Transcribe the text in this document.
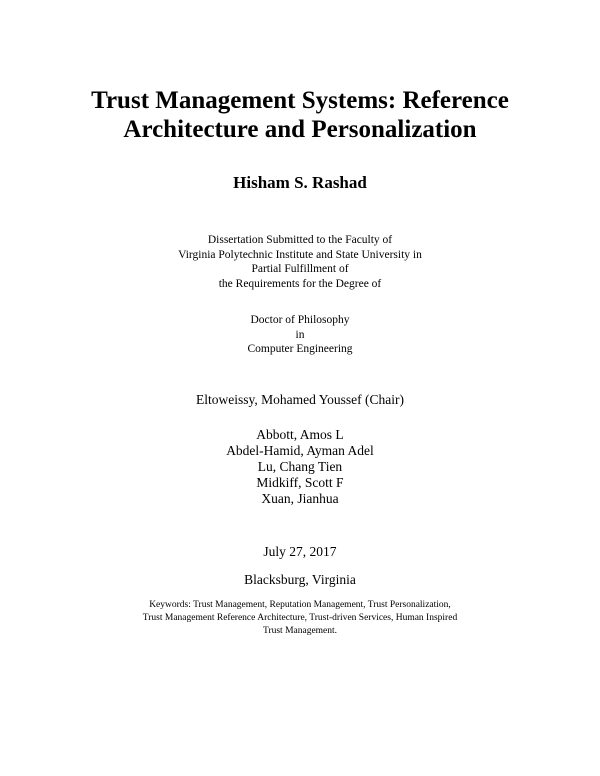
Trust Management Systems: Reference
Architecture and Personalization

Hisham S. Rashad

Dissertation Submitted to the Faculty of
Virginia Polytechnic Institute and State University in
Partial Fulfillment of
the Requirements for the Degree of

Doctor of Philosophy
in
Computer Engineering

Eltoweissy, Mohamed Youssef (Chair)

Abbott, Amos L
Abdel-Hamid, Ayman Adel
Lu, Chang Tien
Midkiff, Scott F
Xuan, Jianhua

July 27, 2017

Blacksburg, Virginia

Keywords: Trust Management, Reputation Management, Trust Personalization,
Trust Management Reference Architecture, Trust-driven Services, Human Inspired
Trust Management.
